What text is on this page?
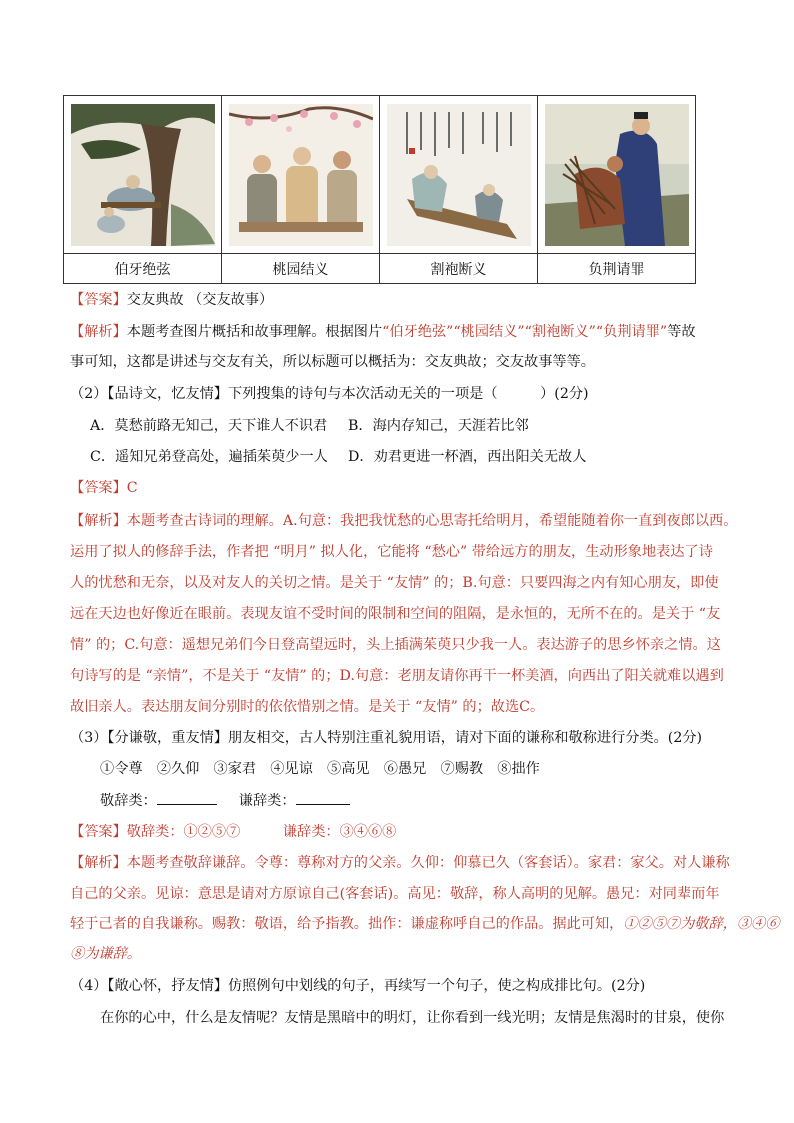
伯牙绝弦	桃园结义	割袍断义	负荆请罪
【答案】交友典故 （交友故事）
【解析】本题考查图片概括和故事理解。根据图片“伯牙绝弦”“桃园结义”“割袍断义”“负荆请罪”等故
事可知，这都是讲述与交友有关，所以标题可以概括为：交友典故；交友故事等等。
（2）【品诗文，忆友情】下列搜集的诗句与本次活动无关的一项是（　　　）(2分)
A．莫愁前路无知己，天下谁人不识君 B．海内存知己，天涯若比邻
C．遥知兄弟登高处，遍插茱萸少一人 D．劝君更进一杯酒，西出阳关无故人
【答案】C
【解析】本题考查古诗词的理解。A.句意：我把我忧愁的心思寄托给明月，希望能随着你一直到夜郎以西。
运用了拟人的修辞手法，作者把 “明月” 拟人化，它能将 “愁心” 带给远方的朋友，生动形象地表达了诗
人的忧愁和无奈，以及对友人的关切之情。是关于 “友情” 的；B.句意：只要四海之内有知心朋友，即使
远在天边也好像近在眼前。表现友谊不受时间的限制和空间的阻隔，是永恒的，无所不在的。是关于 “友
情” 的；C.句意：遥想兄弟们今日登高望远时，头上插满茱萸只少我一人。表达游子的思乡怀亲之情。这
句诗写的是 “亲情”，不是关于 “友情” 的；D.句意：老朋友请你再干一杯美酒，向西出了阳关就难以遇到
故旧亲人。表达朋友间分别时的依依惜别之情。是关于 “友情” 的；故选C。
（3）【分谦敬，重友情】朋友相交，古人特别注重礼貌用语，请对下面的谦称和敬称进行分类。(2分)
①令尊　②久仰　③家君　④见谅　⑤高见　⑥愚兄　⑦赐教　⑧拙作
敬辞类：	谦辞类：
【答案】敬辞类：①②⑤⑦　　　谦辞类：③④⑥⑧
【解析】本题考查敬辞谦辞。令尊：尊称对方的父亲。久仰：仰慕已久（客套话）。家君：家父。对人谦称
自己的父亲。见谅：意思是请对方原谅自己(客套话)。高见：敬辞，称人高明的见解。愚兄：对同辈而年
轻于己者的自我谦称。赐教：敬语，给予指教。拙作：谦虚称呼自己的作品。据此可知，①②⑤⑦为敬辞，③④⑥
⑧为谦辞。
（4）【敞心怀，抒友情】仿照例句中划线的句子，再续写一个句子，使之构成排比句。(2分)
在你的心中，什么是友情呢？友情是黑暗中的明灯，让你看到一线光明；友情是焦渴时的甘泉，使你
